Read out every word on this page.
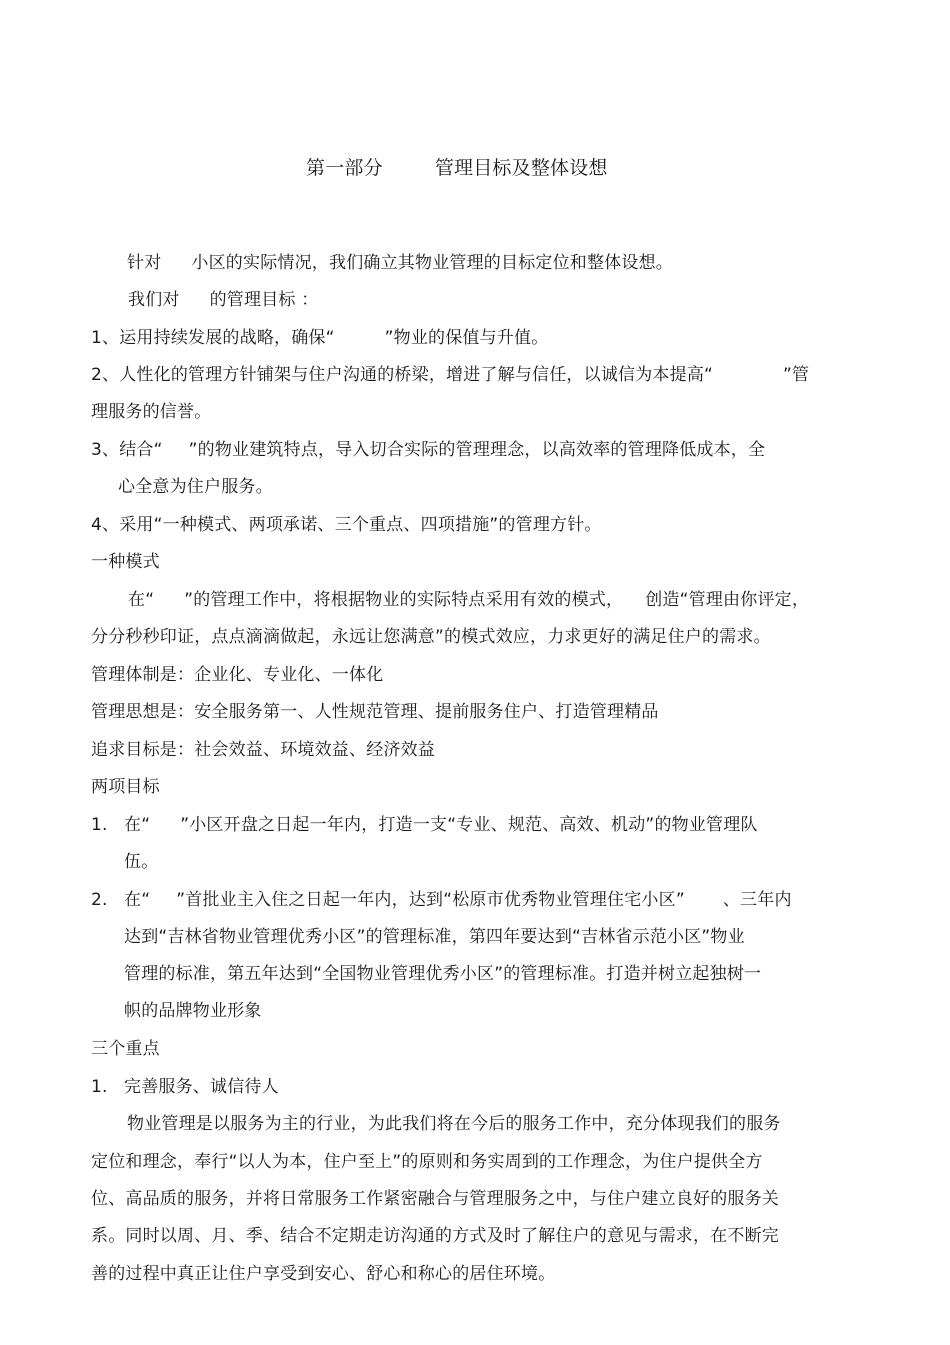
第一部分	管理目标及整体设想
针对 小区的实际情况，我们确立其物业管理的目标定位和整体设想。
我们对 的管理目标 ：
1、运用持续发展的战略，确保“	”物业的保值与升值。
2、人性化的管理方针铺架与住户沟通的桥梁，增进了解与信任，以诚信为本提高“	”管
理服务的信誉。
3、结合“ ”的物业建筑特点，导入切合实际的管理理念，以高效率的管理降低成本，全
心全意为住户服务。
4、采用“一种模式、两项承诺、三个重点、四项措施”的管理方针。
一种模式
在“ ”的管理工作中，将根据物业的实际特点采用有效的模式， 创造“管理由你评定，
分分秒秒印证，点点滴滴做起，永远让您满意”的模式效应，力求更好的满足住户的需求。
管理体制是：企业化、专业化、一体化
管理思想是：安全服务第一、人性规范管理、提前服务住户、打造管理精品
追求目标是：社会效益、环境效益、经济效益
两项目标
1. 在“ ”小区开盘之日起一年内，打造一支“专业、规范、高效、机动”的物业管理队
伍。
2. 在“ ”首批业主入住之日起一年内，达到“松原市优秀物业管理住宅小区” 、三年内
达到“吉林省物业管理优秀小区”的管理标准，第四年要达到“吉林省示范小区”物业
管理的标准，第五年达到“全国物业管理优秀小区”的管理标准。打造并树立起独树一
帜的品牌物业形象
三个重点
1. 完善服务、诚信待人
物业管理是以服务为主的行业，为此我们将在今后的服务工作中，充分体现我们的服务
定位和理念，奉行“以人为本，住户至上”的原则和务实周到的工作理念，为住户提供全方
位、高品质的服务，并将日常服务工作紧密融合与管理服务之中，与住户建立良好的服务关
系。同时以周、月、季、结合不定期走访沟通的方式及时了解住户的意见与需求，在不断完
善的过程中真正让住户享受到安心、舒心和称心的居住环境。
